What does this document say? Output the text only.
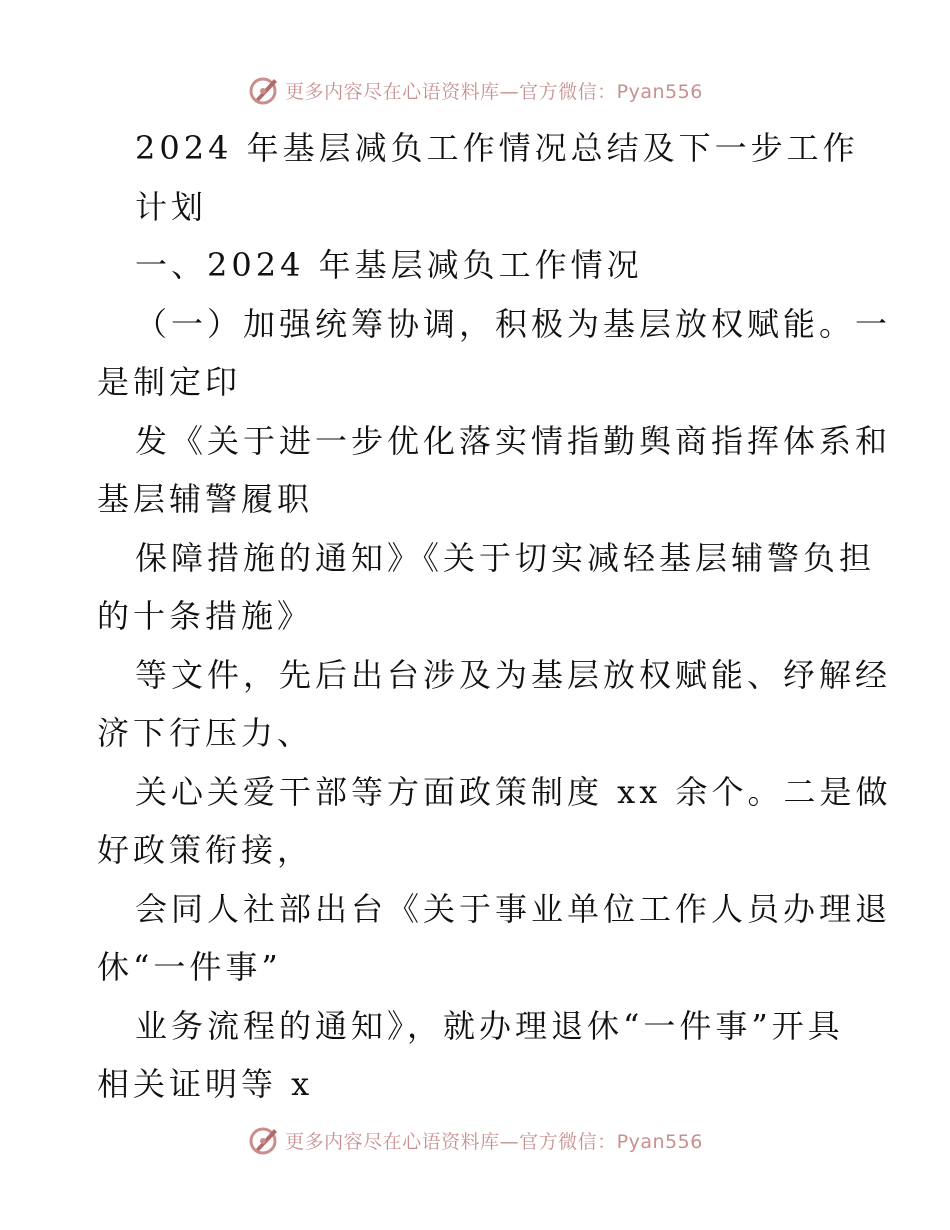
更多内容尽在心语资料库—官方微信：Pyan556
2024 年基层减负工作情况总结及下一步工作
计划
一、2024 年基层减负工作情况
（一）加强统筹协调，积极为基层放权赋能。一
是制定印
发《关于进一步优化落实情指勤舆商指挥体系和
基层辅警履职
保障措施的通知》《关于切实减轻基层辅警负担
的十条措施》
等文件，先后出台涉及为基层放权赋能、纾解经
济下行压力、
关心关爱干部等方面政策制度 xx 余个。二是做
好政策衔接，
会同人社部出台《关于事业单位工作人员办理退
休“一件事”
业务流程的通知》，就办理退休“一件事”开具
相关证明等 x
更多内容尽在心语资料库—官方微信：Pyan556
